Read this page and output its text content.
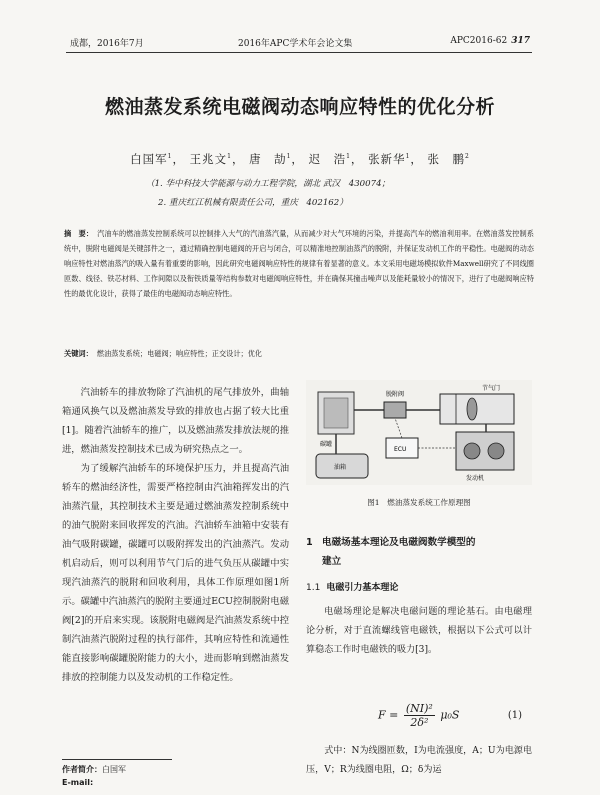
成都，2016年7月	2016年APC学术年会论文集	APC2016-62 317
燃油蒸发系统电磁阀动态响应特性的优化分析
白国军$^1$， 王兆文$^1$， 唐　劼$^1$， 迟　浩$^1$， 张新华$^1$， 张　鹏$^2$
（1. 华中科技大学能源与动力工程学院，湖北 武汉　430074；
2. 重庆红江机械有限责任公司，重庆　402162）
摘　要： 汽油车的燃油蒸发控制系统可以控制排入大气的汽油蒸汽量，从而减少对大气环境的污染，并提高汽车的燃油利用率。在燃油蒸发控制系统中，脱附电磁阀是关键部件之一，通过精确控制电磁阀的开启与闭合，可以精准地控制油蒸汽的脱附，并保证发动机工作的平稳性。电磁阀的动态响应特性对燃油蒸汽的吸入量有着重要的影响，因此研究电磁阀响应特性的规律有着显著的意义。本文采用电磁场模拟软件Maxwell研究了不同线圈匝数、线径、铁芯材料、工作间隙以及衔铁质量等结构参数对电磁阀响应特性，并在确保其撞击噪声以及能耗量较小的情况下，进行了电磁阀响应特性的最优化设计，获得了最佳的电磁阀动态响应特性。
关键词： 燃油蒸发系统；电磁阀；响应特性；正交设计；优化

汽油轿车的排放物除了汽油机的尾气排放外，曲轴箱通风换气以及燃油蒸发导致的排放也占据了较大比重[1]。随着汽油轿车的推广，以及燃油蒸发排放法规的推进，燃油蒸发控制技术已成为研究热点之一。

为了缓解汽油轿车的环境保护压力，并且提高汽油轿车的燃油经济性，需要严格控制由汽油箱挥发出的汽油蒸汽量，其控制技术主要是通过燃油蒸发控制系统中的油气脱附来回收挥发的汽油。汽油轿车油箱中安装有油气吸附碳罐，碳罐可以吸附挥发出的汽油蒸汽。发动机启动后，则可以利用节气门后的进气负压从碳罐中实现汽油蒸汽的脱附和回收利用，具体工作原理如图1所示。碳罐中汽油蒸汽的脱附主要通过ECU控制脱附电磁阀[2]的开启来实现。该脱附电磁阀是汽油蒸发系统中控制汽油蒸汽脱附过程的执行部件，其响应特性和流通性能直接影响碳罐脱附能力的大小，进而影响到燃油蒸发排放的控制能力以及发动机的工作稳定性。

碳罐
脱附阀
节气门
发动机
ECU
油箱
图1　燃油蒸发系统工作原理图
1 电磁场基本理论及电磁阀数学模型的
建立
1.1 电磁引力基本理论

电磁场理论是解决电磁问题的理论基石。由电磁理论分析，对于直流螺线管电磁铁，根据以下公式可以计算稳态工作时电磁铁的吸力[3]。

$F = \frac{\text{(NI)²}}{\text{2δ²}} \mu_0S$	(1)

式中：N为线圈匝数，I为电流强度，A；U为电源电压，V；R为线圈电阻，Ω；δ为运

作者简介：白国军
E-mail:
